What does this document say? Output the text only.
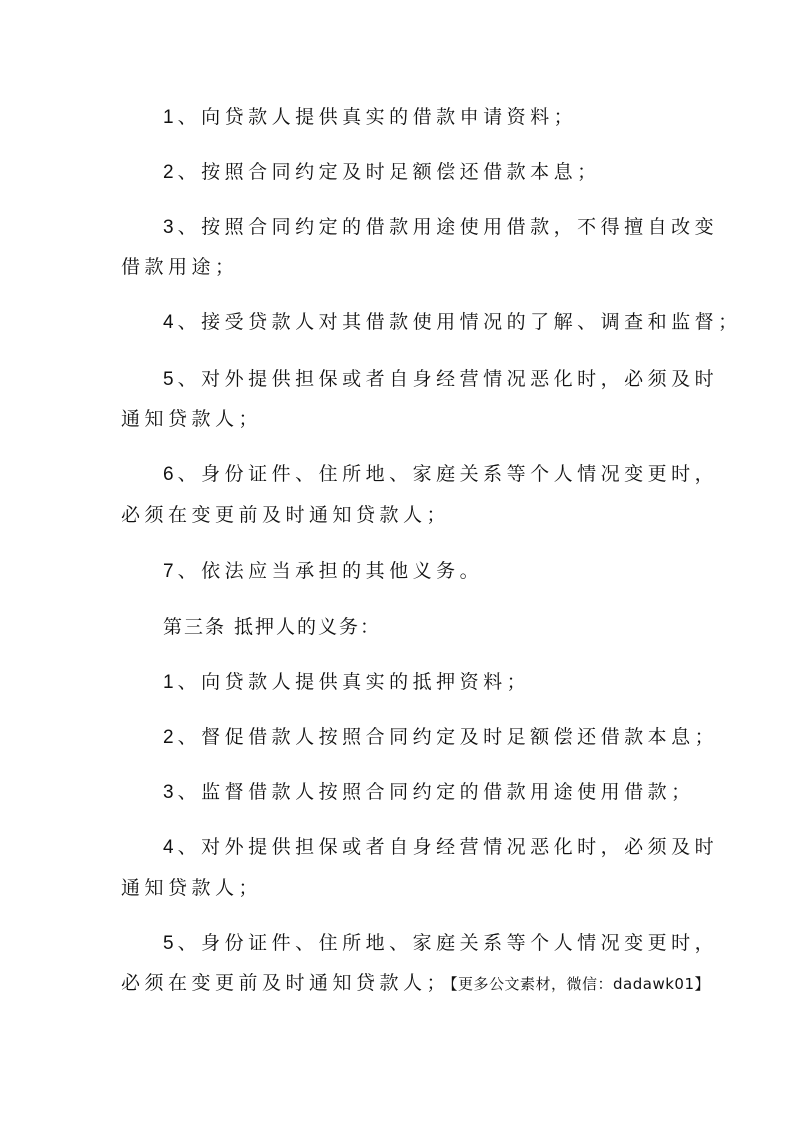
1、向贷款人提供真实的借款申请资料；
2、按照合同约定及时足额偿还借款本息；
3、按照合同约定的借款用途使用借款，不得擅自改变
借款用途；
4、接受贷款人对其借款使用情况的了解、调查和监督；
5、对外提供担保或者自身经营情况恶化时，必须及时
通知贷款人；
6、身份证件、住所地、家庭关系等个人情况变更时，
必须在变更前及时通知贷款人；
7、依法应当承担的其他义务。
第三条 抵押人的义务：
1、向贷款人提供真实的抵押资料；
2、督促借款人按照合同约定及时足额偿还借款本息；
3、监督借款人按照合同约定的借款用途使用借款；
4、对外提供担保或者自身经营情况恶化时，必须及时
通知贷款人；
5、身份证件、住所地、家庭关系等个人情况变更时，
必须在变更前及时通知贷款人；【更多公文素材，微信：dadawk01】
